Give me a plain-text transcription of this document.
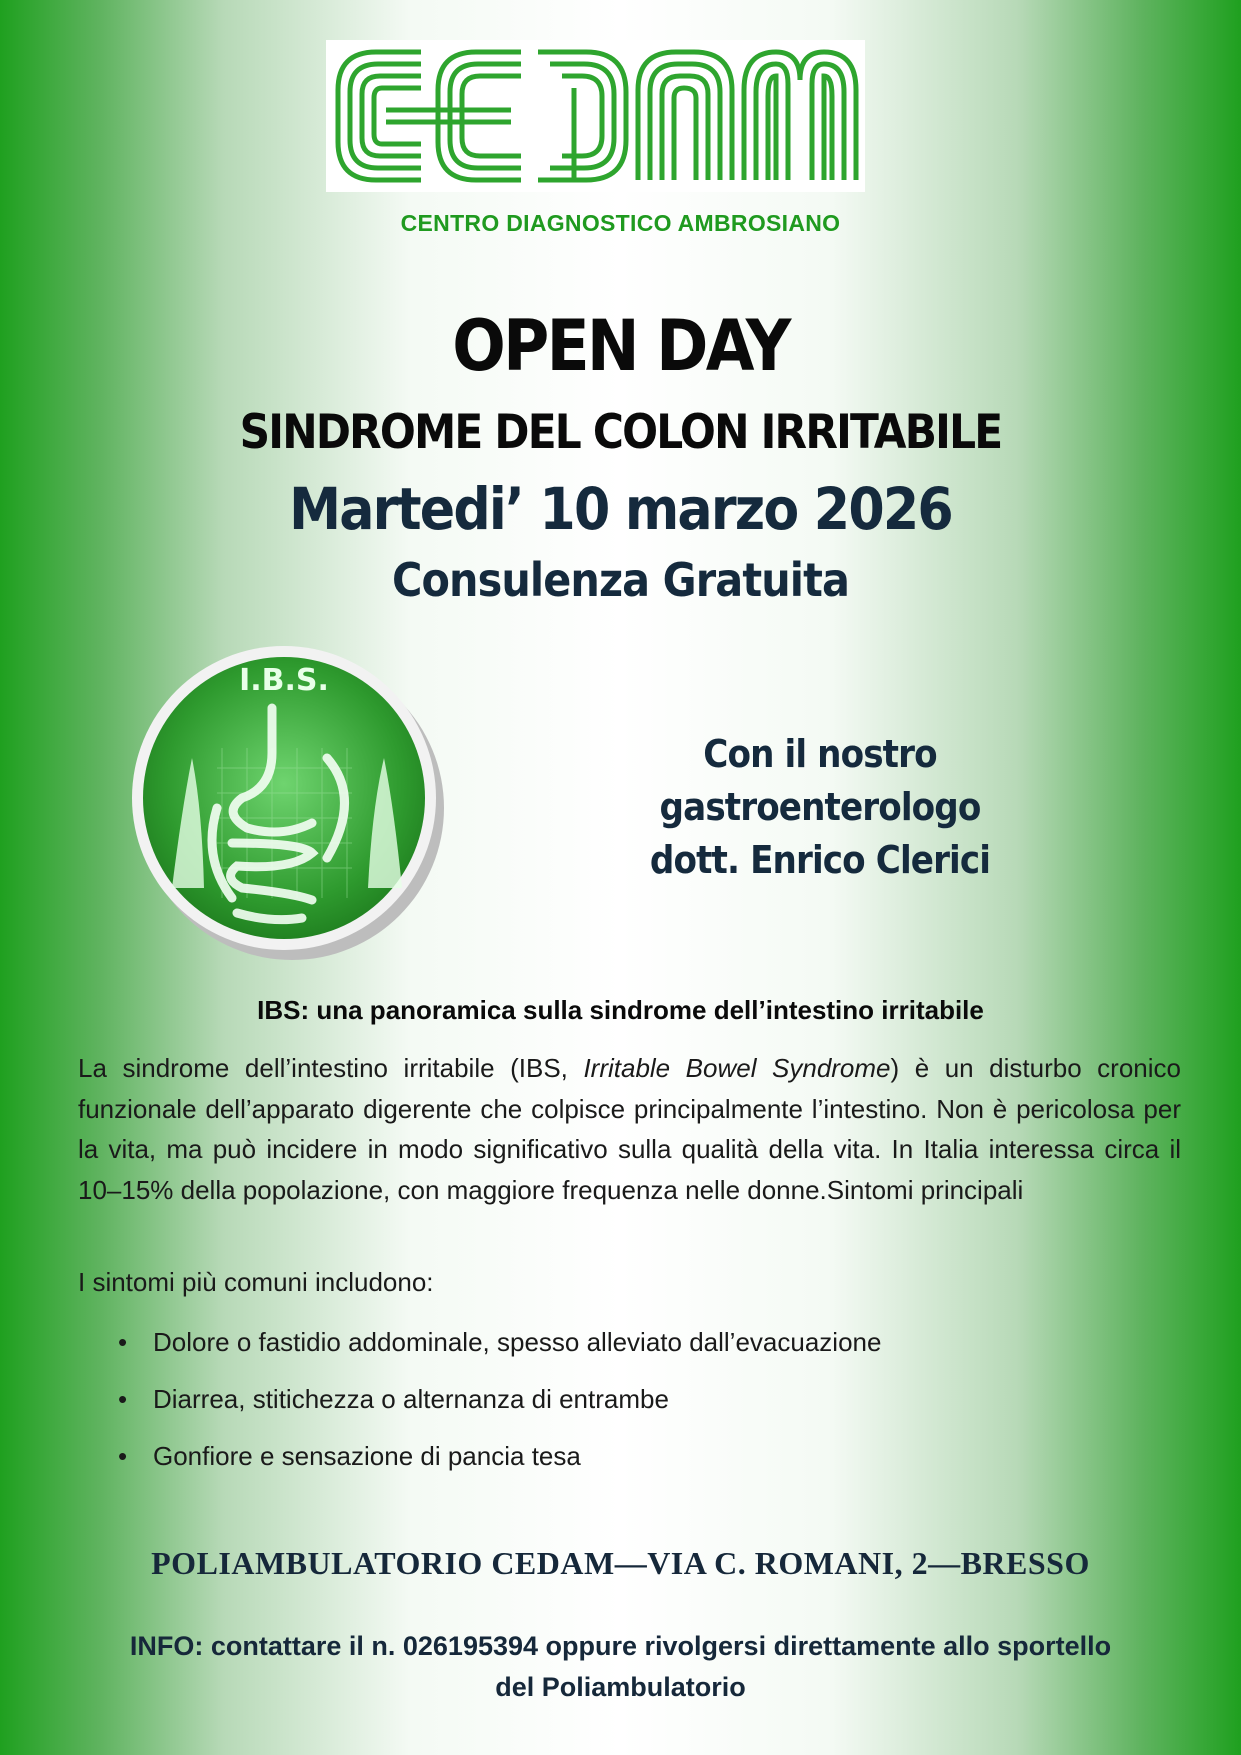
CENTRO DIAGNOSTICO AMBROSIANO
OPEN DAY
SINDROME DEL COLON IRRITABILE
Martedi’ 10 marzo 2026
Consulenza Gratuita
I.B.S.
Con il nostro gastroenterologo
dott. Enrico Clerici
IBS: una panoramica sulla sindrome dell’intestino irritabile
La sindrome dell’intestino irritabile (IBS, Irritable Bowel Syndrome) è un disturbo cronico funzionale dell’apparato digerente che colpisce principalmente l’intestino. Non è pericolosa per la vita, ma può incidere in modo significativo sulla qualità della vita. In Italia interessa circa il 10–15% della popolazione, con maggiore frequenza nelle donne.Sintomi principali
I sintomi più comuni includono:
• Dolore o fastidio addominale, spesso alleviato dall’evacuazione
• Diarrea, stitichezza o alternanza di entrambe
• Gonfiore e sensazione di pancia tesa
POLIAMBULATORIO CEDAM—VIA C. ROMANI, 2—BRESSO
INFO: contattare il n. 026195394 oppure rivolgersi direttamente allo sportello
del Poliambulatorio
